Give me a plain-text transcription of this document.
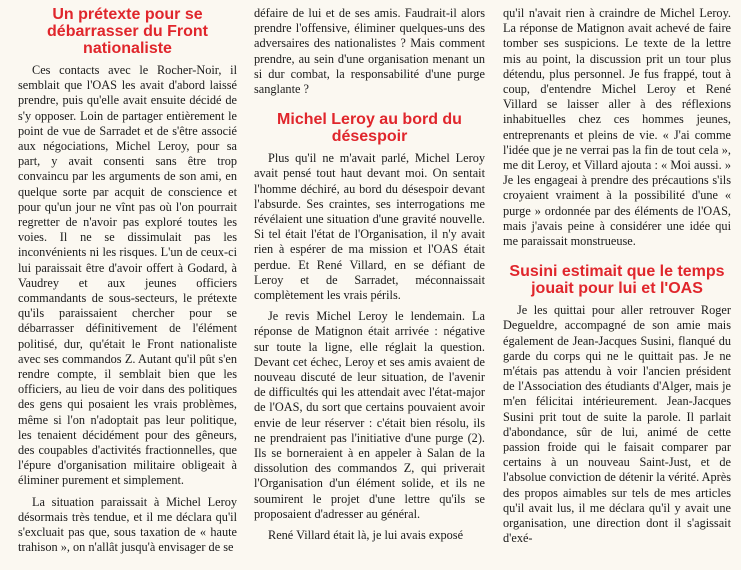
Un prétexte pour se débarrasser du Front nationaliste

Ces contacts avec le Rocher-Noir, il semblait que l'OAS les avait d'abord laissé prendre, puis qu'elle avait ensuite décidé de s'y opposer. Loin de partager entièrement le point de vue de Sarradet et de s'être associé aux négociations, Michel Leroy, pour sa part, y avait consenti sans être trop convaincu par les arguments de son ami, en quelque sorte par acquit de conscience et pour qu'un jour ne vînt pas où l'on pourrait regretter de n'avoir pas exploré toutes les voies. Il ne se dissimulait pas les inconvénients ni les risques. L'un de ceux-ci lui paraissait être d'avoir offert à Godard, à Vaudrey et aux jeunes officiers commandants de sous-secteurs, le prétexte qu'ils paraissaient chercher pour se débarrasser définitivement de l'élément politisé, dur, qu'était le Front nationaliste avec ses commandos Z. Autant qu'il pût s'en rendre compte, il semblait bien que les officiers, au lieu de voir dans des politiques des gens qui posaient les vrais problèmes, même si l'on n'adoptait pas leur politique, les tenaient décidément pour des gêneurs, des coupables d'activités fractionnelles, que l'épure d'organisation militaire obligeait à éliminer purement et simplement.

La situation paraissait à Michel Leroy désormais très tendue, et il me déclara qu'il s'excluait pas que, sous taxation de « haute trahison », on n'allât jusqu'à envisager de se

défaire de lui et de ses amis. Faudrait-il alors prendre l'offensive, éliminer quelques-uns des adversaires des nationalistes ? Mais comment prendre, au sein d'une organisation menant un si dur combat, la responsabilité d'une purge sanglante ?

Michel Leroy au bord du désespoir

Plus qu'il ne m'avait parlé, Michel Leroy avait pensé tout haut devant moi. On sentait l'homme déchiré, au bord du désespoir devant l'absurde. Ses craintes, ses interrogations me révélaient une situation d'une gravité nouvelle. Si tel était l'état de l'Organisation, il n'y avait rien à espérer de ma mission et l'OAS était perdue. Et René Villard, en se défiant de Leroy et de Sarradet, méconnaissait complètement les vrais périls.

Je revis Michel Leroy le lendemain. La réponse de Matignon était arrivée : négative sur toute la ligne, elle réglait la question. Devant cet échec, Leroy et ses amis avaient de nouveau discuté de leur situation, de l'avenir de difficultés qui les attendait avec l'état-major de l'OAS, du sort que certains pouvaient avoir envie de leur réserver : c'était bien résolu, ils ne prendraient pas l'initiative d'une purge (2). Ils se borneraient à en appeler à Salan de la dissolution des commandos Z, qui priverait l'Organisation d'un élément solide, et ils ne soumirent le projet d'une lettre qu'ils se proposaient d'adresser au général.

René Villard était là, je lui avais exposé

qu'il n'avait rien à craindre de Michel Leroy. La réponse de Matignon avait achevé de faire tomber ses suspicions. Le texte de la lettre mis au point, la discussion prit un tour plus détendu, plus personnel. Je fus frappé, tout à coup, d'entendre Michel Leroy et René Villard se laisser aller à des réflexions inhabituelles chez ces hommes jeunes, entreprenants et pleins de vie. « J'ai comme l'idée que je ne verrai pas la fin de tout cela », me dit Leroy, et Villard ajouta : « Moi aussi. » Je les engageai à prendre des précautions s'ils croyaient vraiment à la possibilité d'une « purge » ordonnée par des éléments de l'OAS, mais j'avais peine à considérer une idée qui me paraissait monstrueuse.

Susini estimait que le temps jouait pour lui et l'OAS

Je les quittai pour aller retrouver Roger Degueldre, accompagné de son amie mais également de Jean-Jacques Susini, flanqué du garde du corps qui ne le quittait pas. Je ne m'étais pas attendu à voir l'ancien président de l'Association des étudiants d'Alger, mais je m'en félicitai intérieurement. Jean-Jacques Susini prit tout de suite la parole. Il parlait d'abondance, sûr de lui, animé de cette passion froide qui le faisait comparer par certains à un nouveau Saint-Just, et de l'absolue conviction de détenir la vérité. Après des propos aimables sur tels de mes articles qu'il avait lus, il me déclara qu'il y avait une organisation, une direction dont il s'agissait d'exé-
